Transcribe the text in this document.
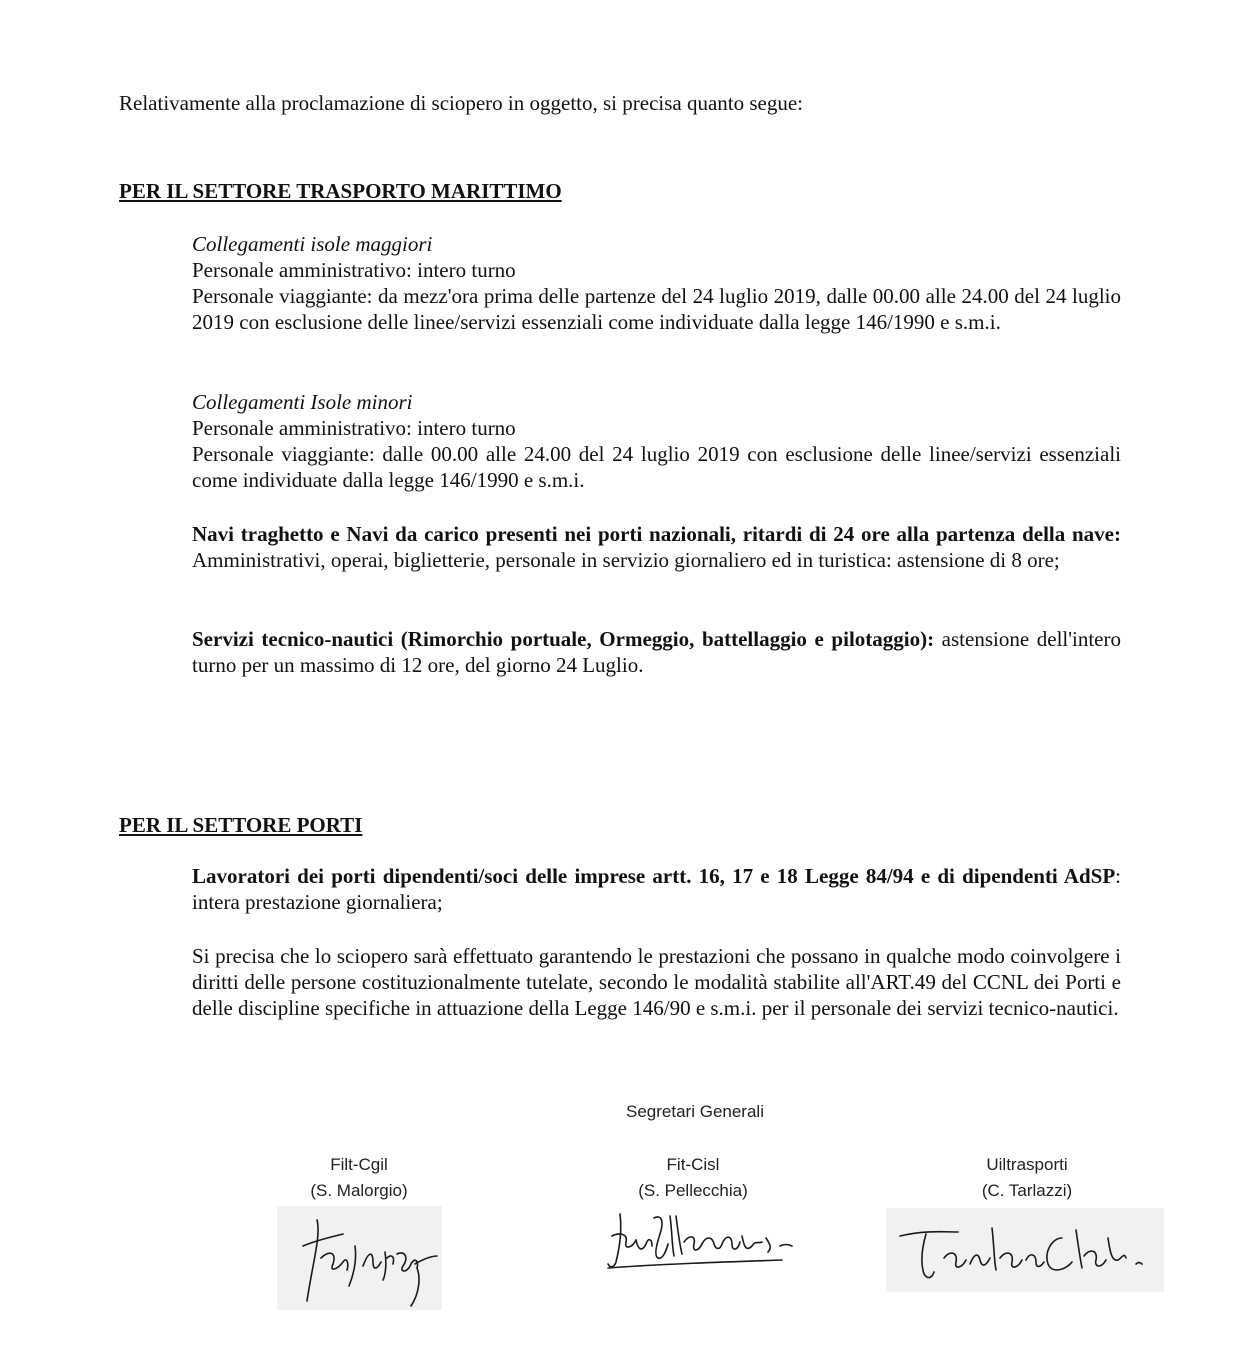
Relativamente alla proclamazione di sciopero in oggetto, si precisa quanto segue:

PER IL SETTORE TRASPORTO MARITTIMO

Collegamenti isole maggiori

Personale amministrativo: intero turno

Personale viaggiante: da mezz'ora prima delle partenze del 24 luglio 2019, dalle 00.00 alle 24.00 del 24 luglio 2019 con esclusione delle linee/servizi essenziali come individuate dalla legge 146/1990 e s.m.i.

Collegamenti Isole minori

Personale amministrativo: intero turno

Personale viaggiante: dalle 00.00 alle 24.00 del 24 luglio 2019 con esclusione delle linee/servizi essenziali come individuate dalla legge 146/1990 e s.m.i.

Navi traghetto e Navi da carico presenti nei porti nazionali, ritardi di 24 ore alla partenza della nave: Amministrativi, operai, biglietterie, personale in servizio giornaliero ed in turistica: astensione di 8 ore;

Servizi tecnico-nautici (Rimorchio portuale, Ormeggio, battellaggio e pilotaggio): astensione dell'intero turno per un massimo di 12 ore, del giorno 24 Luglio.

PER IL SETTORE PORTI

Lavoratori dei porti dipendenti/soci delle imprese artt. 16, 17 e 18 Legge 84/94 e di dipendenti AdSP: intera prestazione giornaliera;

Si precisa che lo sciopero sarà effettuato garantendo le prestazioni che possano in qualche modo coinvolgere i diritti delle persone costituzionalmente tutelate, secondo le modalità stabilite all'ART.49 del CCNL dei Porti e delle discipline specifiche in attuazione della Legge 146/90 e s.m.i. per il personale dei servizi tecnico-nautici.

Segretari Generali
Filt-Cgil
(S. Malorgio)
Fit-Cisl
(S. Pellecchia)
Uiltrasporti
(C. Tarlazzi)
